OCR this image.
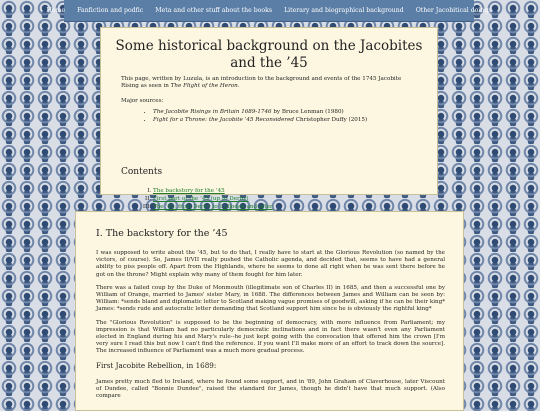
Home	Fanfiction and podfic	Meta and other stuff about the books	Literary and biographical background	Other Jacobitical doings
Some historical background on the Jacobites and the ’45
This page, written by Luzula, is an introduction to the background and events of the 1745 Jacobite Rising as seen in The Flight of the Heron.
Major sources:
• The Jacobite Risings in Britain 1689-1746 by Bruce Lenman (1980)
• Fight for a Throne: the Jacobite ’45 Reconsidered Christopher Duffy (2015)
Contents
I. The backstory for the ’45
II. First part of the ’45 (up to Derby)
III. The ’45: from Derby to Culloden and after
I. The backstory for the ’45

I was supposed to write about the ’45, but to do that, I really have to start at the Glorious Revolution (so named by the victors, of course). So, James II/VII really pushed the Catholic agenda, and decided that, seems to have had a general ability to piss people off. Apart from the Highlands, where he seems to done all right when he was sent there before he got on the throne? Might explain why many of them fought for him later.

There was a failed coup by the Duke of Monmouth (illegitimate son of Charles II) in 1685, and then a successful one by William of Orange, married to James' sister Mary, in 1688. The differences between James and William can be seen by: William: *sends bland and diplomatic letter to Scotland making vague promises of goodwill, asking if he can be their king* James: *sends rude and autocratic letter demanding that Scotland support him since he is obviously the rightful king*

The "Glorious Revolution" is supposed to be the beginning of democracy, with more influence from Parliament; my impression is that William had no particularly democratic inclinations and in fact there wasn't even any Parliament elected in England during his and Mary's rule--he just kept going with the convocation that offered him the crown [I'm very sure I read this but now I can't find the reference. If you want I'll make more of an effort to track down the source]. The increased influence of Parliament was a much more gradual process.

First Jacobite Rebellion, in 1689:

James pretty much fled to Ireland, where he found some support, and in '89, John Graham of Claverhouse, later Viscount of Dundee, called "Bonnie Dundee", raised the standard for James, though he didn't have that much support. (Also compare
